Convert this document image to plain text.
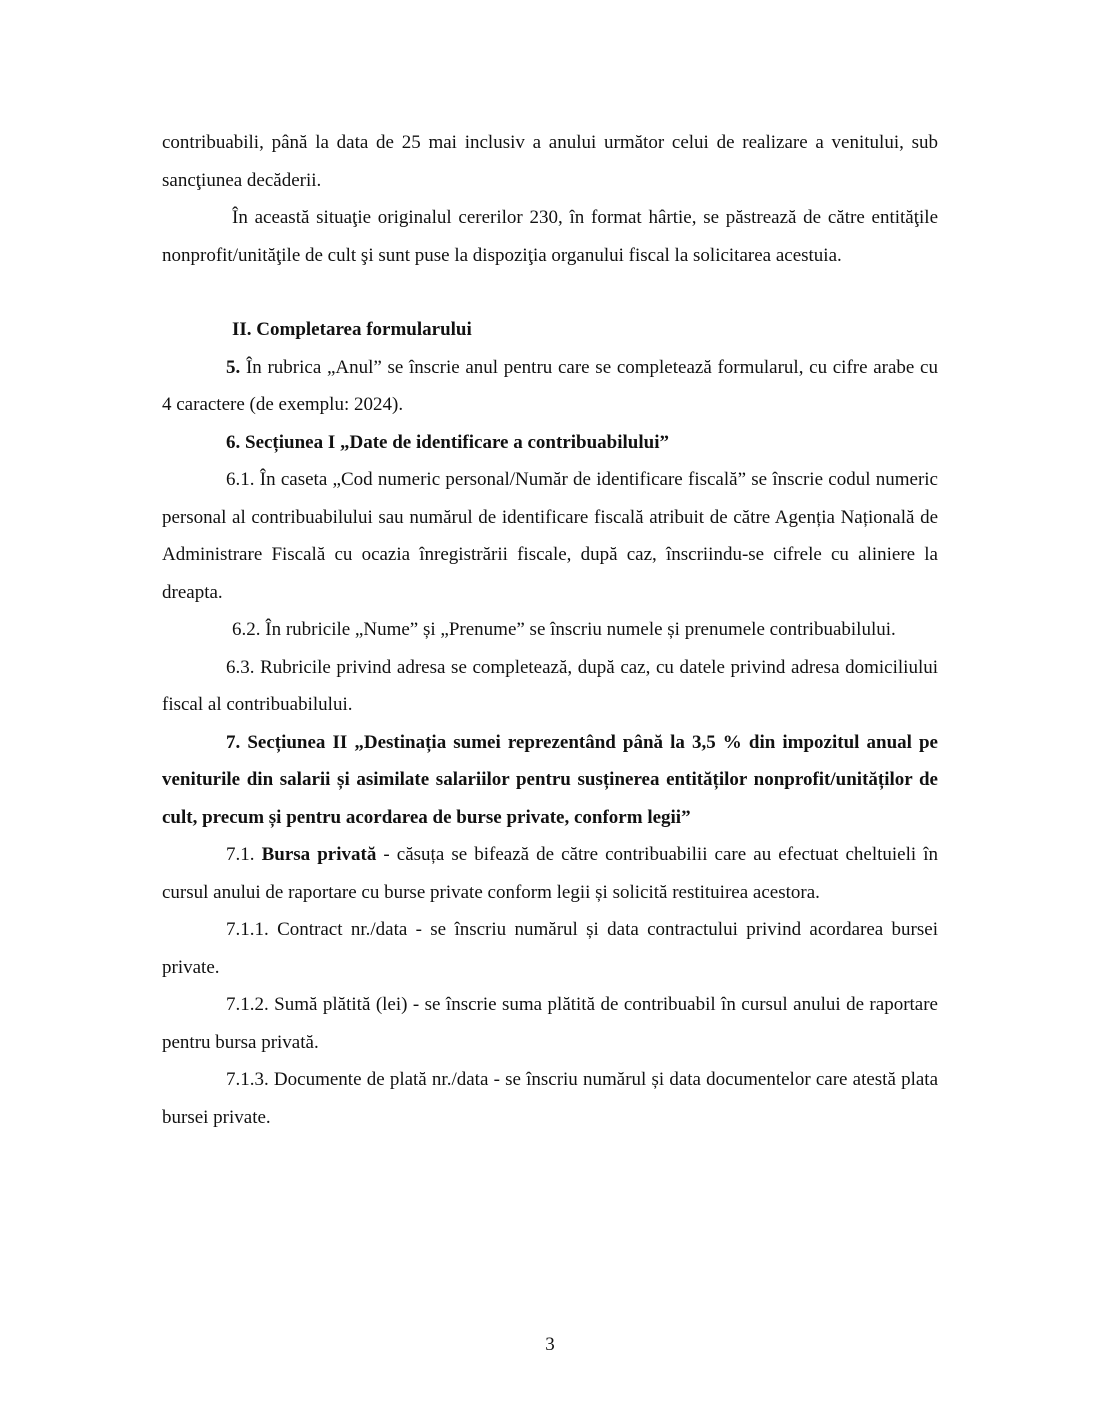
contribuabili, până la data de 25 mai inclusiv a anului următor celui de realizare a venitului, sub sancţiunea decăderii.

În această situaţie originalul cererilor 230, în format hârtie, se păstrează de către entităţile nonprofit/unităţile de cult şi sunt puse la dispoziţia organului fiscal la solicitarea acestuia.

II. Completarea formularului

5. În rubrica „Anul” se înscrie anul pentru care se completează formularul, cu cifre arabe cu 4 caractere (de exemplu: 2024).

6. Secțiunea I „Date de identificare a contribuabilului”

6.1. În caseta „Cod numeric personal/Număr de identificare fiscală” se înscrie codul numeric personal al contribuabilului sau numărul de identificare fiscală atribuit de către Agenția Națională de Administrare Fiscală cu ocazia înregistrării fiscale, după caz, înscriindu-se cifrele cu aliniere la dreapta.

6.2. În rubricile „Nume” și „Prenume” se înscriu numele și prenumele contribuabilului.

6.3. Rubricile privind adresa se completează, după caz, cu datele privind adresa domiciliului fiscal al contribuabilului.

7. Secțiunea II „Destinația sumei reprezentând până la 3,5 % din impozitul anual pe veniturile din salarii și asimilate salariilor pentru susținerea entităților nonprofit/unităților de cult, precum și pentru acordarea de burse private, conform legii”

7.1. Bursa privată - căsuța se bifează de către contribuabilii care au efectuat cheltuieli în cursul anului de raportare cu burse private conform legii și solicită restituirea acestora.

7.1.1. Contract nr./data - se înscriu numărul și data contractului privind acordarea bursei private.

7.1.2. Sumă plătită (lei) - se înscrie suma plătită de contribuabil în cursul anului de raportare pentru bursa privată.

7.1.3. Documente de plată nr./data - se înscriu numărul și data documentelor care atestă plata bursei private.

3
